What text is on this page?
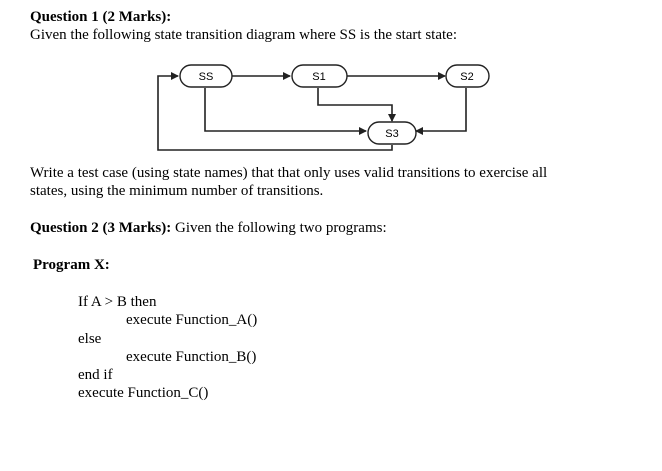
Question 1 (2 Marks):
Given the following state transition diagram where SS is the start state:
SS	S1	S2
S3
Write a test case (using state names) that that only uses valid transitions to exercise all
states, using the minimum number of transitions.
Question 2 (3 Marks): Given the following two programs:
Program X:
If A > B then
execute Function_A()
else
execute Function_B()
end if
execute Function_C()
